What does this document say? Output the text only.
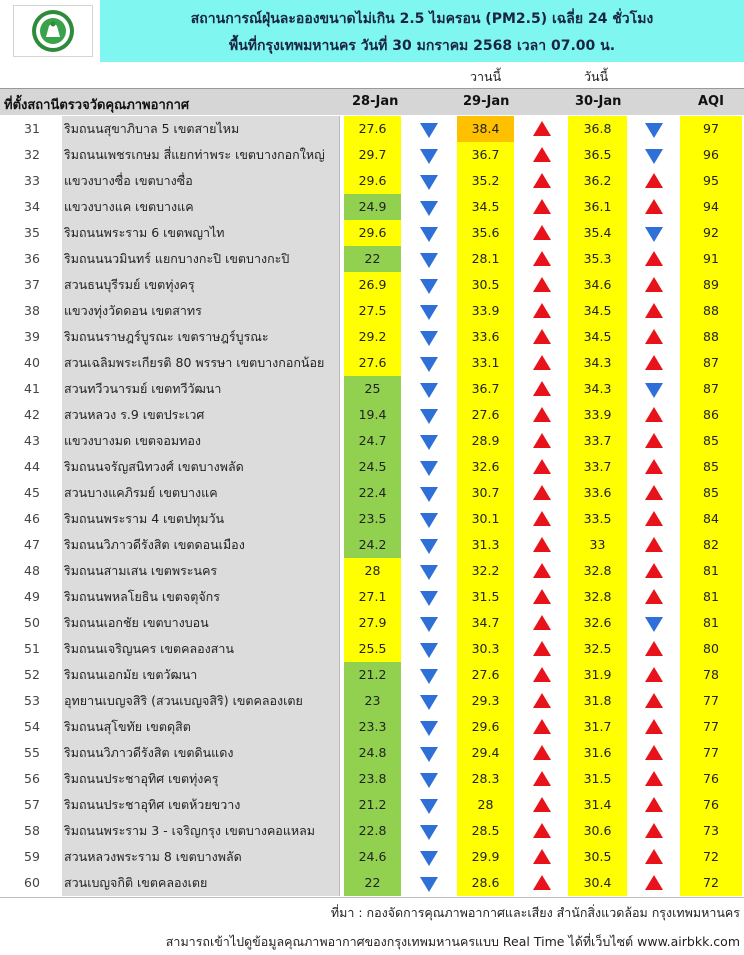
สถานการณ์ฝุ่นละอองขนาดไม่เกิน 2.5 ไมครอน (PM2.5) เฉลี่ย 24 ชั่วโมง
พื้นที่กรุงเทพมหานคร วันที่ 30 มกราคม 2568 เวลา 07.00 น.
วานนี้	วันนี้
ที่ตั้งสถานีตรวจวัดคุณภาพอากาศ	28-Jan	29-Jan	30-Jan	AQI
31	ริมถนนสุขาภิบาล 5 เขตสายไหม	27.6	38.4	36.8	97
32	ริมถนนเพชรเกษม สี่แยกท่าพระ เขตบางกอกใหญ่	29.7	36.7	36.5	96
33	แขวงบางซื่อ เขตบางซื่อ	29.6	35.2	36.2	95
34	แขวงบางแค เขตบางแค	24.9	34.5	36.1	94
35	ริมถนนพระราม 6 เขตพญาไท	29.6	35.6	35.4	92
36	ริมถนนนวมินทร์ แยกบางกะปิ เขตบางกะปิ	22	28.1	35.3	91
37	สวนธนบุรีรมย์ เขตทุ่งครุ	26.9	30.5	34.6	89
38	แขวงทุ่งวัดดอน เขตสาทร	27.5	33.9	34.5	88
39	ริมถนนราษฎร์บูรณะ เขตราษฎร์บูรณะ	29.2	33.6	34.5	88
40	สวนเฉลิมพระเกียรติ 80 พรรษา เขตบางกอกน้อย	27.6	33.1	34.3	87
41	สวนทวีวนารมย์ เขตทวีวัฒนา	25	36.7	34.3	87
42	สวนหลวง ร.9 เขตประเวศ	19.4	27.6	33.9	86
43	แขวงบางมด เขตจอมทอง	24.7	28.9	33.7	85
44	ริมถนนจรัญสนิทวงศ์ เขตบางพลัด	24.5	32.6	33.7	85
45	สวนบางแคภิรมย์ เขตบางแค	22.4	30.7	33.6	85
46	ริมถนนพระราม 4 เขตปทุมวัน	23.5	30.1	33.5	84
47	ริมถนนวิภาวดีรังสิต เขตดอนเมือง	24.2	31.3	33	82
48	ริมถนนสามเสน เขตพระนคร	28	32.2	32.8	81
49	ริมถนนพหลโยธิน เขตจตุจักร	27.1	31.5	32.8	81
50	ริมถนนเอกชัย เขตบางบอน	27.9	34.7	32.6	81
51	ริมถนนเจริญนคร เขตคลองสาน	25.5	30.3	32.5	80
52	ริมถนนเอกมัย เขตวัฒนา	21.2	27.6	31.9	78
53	อุทยานเบญจสิริ (สวนเบญจสิริ) เขตคลองเตย	23	29.3	31.8	77
54	ริมถนนสุโขทัย เขตดุสิต	23.3	29.6	31.7	77
55	ริมถนนวิภาวดีรังสิต เขตดินแดง	24.8	29.4	31.6	77
56	ริมถนนประชาอุทิศ เขตทุ่งครุ	23.8	28.3	31.5	76
57	ริมถนนประชาอุทิศ เขตห้วยขวาง	21.2	28	31.4	76
58	ริมถนนพระราม 3 - เจริญกรุง เขตบางคอแหลม	22.8	28.5	30.6	73
59	สวนหลวงพระราม 8 เขตบางพลัด	24.6	29.9	30.5	72
60	สวนเบญจกิติ เขตคลองเตย	22	28.6	30.4	72
ที่มา : กองจัดการคุณภาพอากาศและเสียง สำนักสิ่งแวดล้อม กรุงเทพมหานคร
สามารถเข้าไปดูข้อมูลคุณภาพอากาศของกรุงเทพมหานครแบบ Real Time ได้ที่เว็บไซต์ www.airbkk.com
